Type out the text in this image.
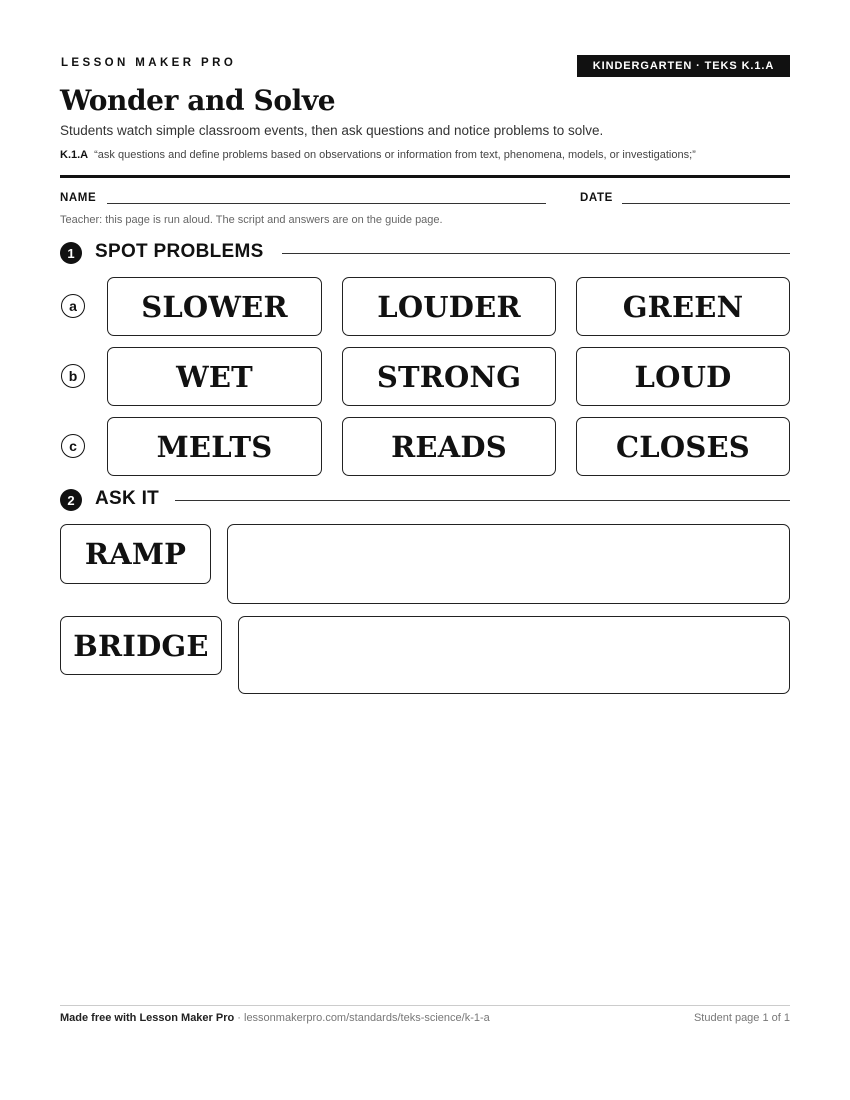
LESSON MAKER PRO	KINDERGARTEN · TEKS K.1.A
Wonder and Solve
Students watch simple classroom events, then ask questions and notice problems to solve.
K.1.A “ask questions and define problems based on observations or information from text, phenomena, models, or investigations;”
NAME	DATE
Teacher: this page is run aloud. The script and answers are on the guide page.
1	SPOT PROBLEMS
a SLOWER	LOUDER	GREEN
b	WET	STRONG	LOUD
c	MELTS	READS	CLOSES
2	ASK IT
RAMP
BRIDGE
Made free with Lesson Maker Pro · lessonmakerpro.com/standards/teks-science/k-1-a	Student page 1 of 1
